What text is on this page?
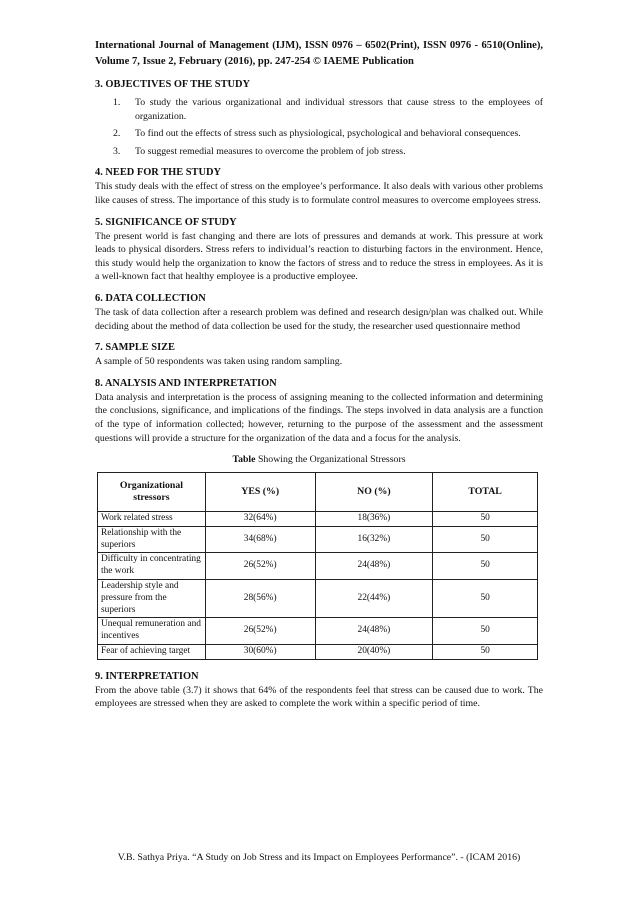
International Journal of Management (IJM), ISSN 0976 – 6502(Print), ISSN 0976 - 6510(Online), Volume 7, Issue 2, February (2016), pp. 247-254 © IAEME Publication
3. OBJECTIVES OF THE STUDY
1.	To study the various organizational and individual stressors that cause stress to the employees of organization.
2.	To find out the effects of stress such as physiological, psychological and behavioral consequences.
3.	To suggest remedial measures to overcome the problem of job stress.
4. NEED FOR THE STUDY

This study deals with the effect of stress on the employee’s performance. It also deals with various other problems like causes of stress. The importance of this study is to formulate control measures to overcome employees stress.

5. SIGNIFICANCE OF STUDY

The present world is fast changing and there are lots of pressures and demands at work. This pressure at work leads to physical disorders. Stress refers to individual’s reaction to disturbing factors in the environment. Hence, this study would help the organization to know the factors of stress and to reduce the stress in employees. As it is a well-known fact that healthy employee is a productive employee.

6. DATA COLLECTION

The task of data collection after a research problem was defined and research design/plan was chalked out. While deciding about the method of data collection be used for the study, the researcher used questionnaire method

7. SAMPLE SIZE

A sample of 50 respondents was taken using random sampling.

8. ANALYSIS AND INTERPRETATION

Data analysis and interpretation is the process of assigning meaning to the collected information and determining the conclusions, significance, and implications of the findings. The steps involved in data analysis are a function of the type of information collected; however, returning to the purpose of the assessment and the assessment questions will provide a structure for the organization of the data and a focus for the analysis.

Table Showing the Organizational Stressors
Organizational stressors	YES (%)	NO (%)	TOTAL
Work related stress	32(64%)	18(36%)	50
Relationship with the superiors	34(68%)	16(32%)	50
Difficulty in concentrating the work	26(52%)	24(48%)	50
Leadership style and pressure from the superiors	28(56%)	22(44%)	50
Unequal remuneration and incentives	26(52%)	24(48%)	50
Fear of achieving target	30(60%)	20(40%)	50
9. INTERPRETATION

From the above table (3.7) it shows that 64% of the respondents feel that stress can be caused due to work. The employees are stressed when they are asked to complete the work within a specific period of time.

V.B. Sathya Priya. “A Study on Job Stress and its Impact on Employees Performance”. - (ICAM 2016)
